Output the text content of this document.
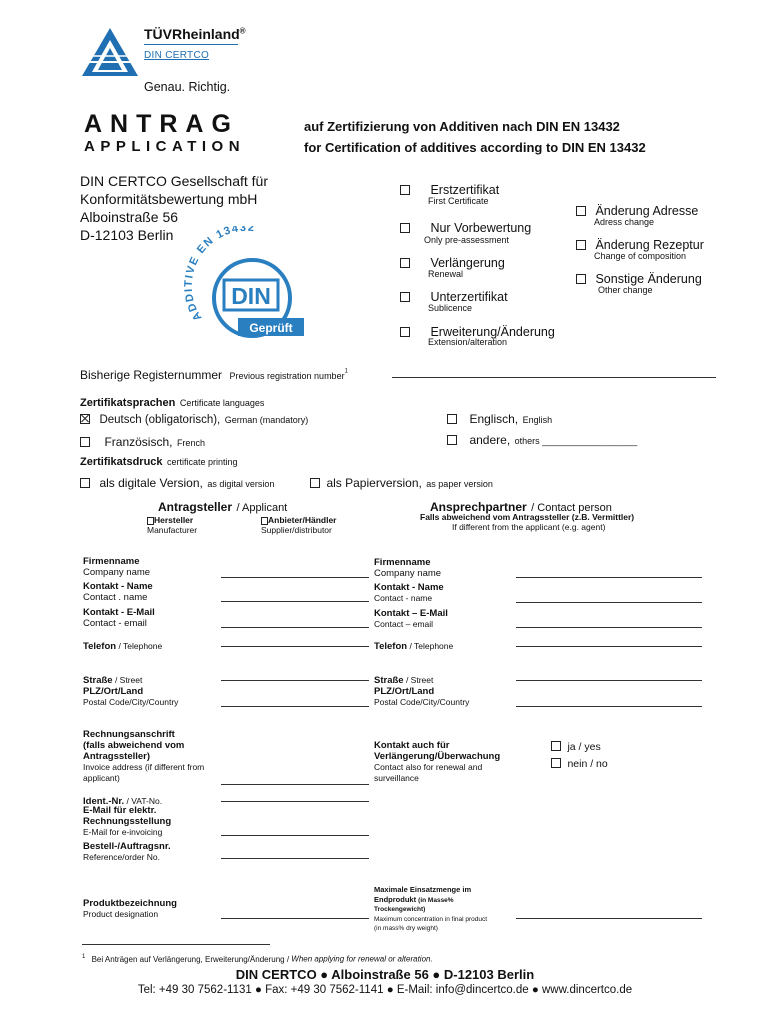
TÜVRheinland®
DIN CERTCO
Genau. Richtig.
ANTRAG
APPLICATION
auf Zertifizierung von Additiven nach DIN EN 13432
for Certification of additives according to DIN EN 13432
DIN CERTCO Gesellschaft für
Konformitätsbewertung mbH
Alboinstraße 56
D-12103 Berlin
ADDITIVE EN 13432
DIN
Geprüft
Erstzertifikat
First Certificate
Nur Vorbewertung
Only pre-assessment
Verlängerung
Renewal
Unterzertifikat
Sublicence
Erweiterung/Änderung
Extension/alteration
Änderung Adresse
Adress change
Änderung Rezeptur
Change of composition
Sonstige Änderung
Other change
Bisherige Registernummer Previous registration number$^1$
Zertifikatsprachen Certificate languages
Deutsch (obligatorisch), German (mandatory)	Englisch, English
Französisch, French	andere, others ___________________
Zertifikatsdruck certificate printing
als digitale Version, as digital version	als Papierversion, as paper version
Antragsteller / Applicant
Hersteller
Manufacturer
Anbieter/Händler
Supplier/distributor
Ansprechpartner / Contact person
Falls abweichend vom Antragssteller (z.B. Vermittler)
If different from the applicant (e.g. agent)
Firmenname
Company name
Kontakt - Name
Contact . name
Kontakt - E-Mail
Contact - email
Telefon / Telephone
Straße / Street
PLZ/Ort/Land
Postal Code/City/Country
Firmenname
Company name
Kontakt - Name
Contact - name
Kontakt – E-Mail
Contact – email
Telefon / Telephone
Straße / Street
PLZ/Ort/Land
Postal Code/City/Country
Rechnungsanschrift
(falls abweichend vom
Antragssteller)
Invoice address (if different from
applicant)
Kontakt auch für
Verlängerung/Überwachung
Contact also for renewal and
surveillance
ja / yes
nein / no
Ident.-Nr. / VAT-No.
E-Mail für elektr.
Rechnungsstellung
E-Mail for e-invoicing
Bestell-/Auftragsnr.
Reference/order No.
Produktbezeichnung
Product designation
Maximale Einsatzmenge im
Endprodukt (in Masse%
Trockengewicht)
Maximum concentration in final product
(in mass% dry weight)
$^1$ Bei Anträgen auf Verlängerung, Erweiterung/Änderung / When applying for renewal or alteration.
DIN CERTCO ● Alboinstraße 56 ● D-12103 Berlin
Tel: +49 30 7562-1131 ● Fax: +49 30 7562-1141 ● E-Mail: info@dincertco.de ● www.dincertco.de
